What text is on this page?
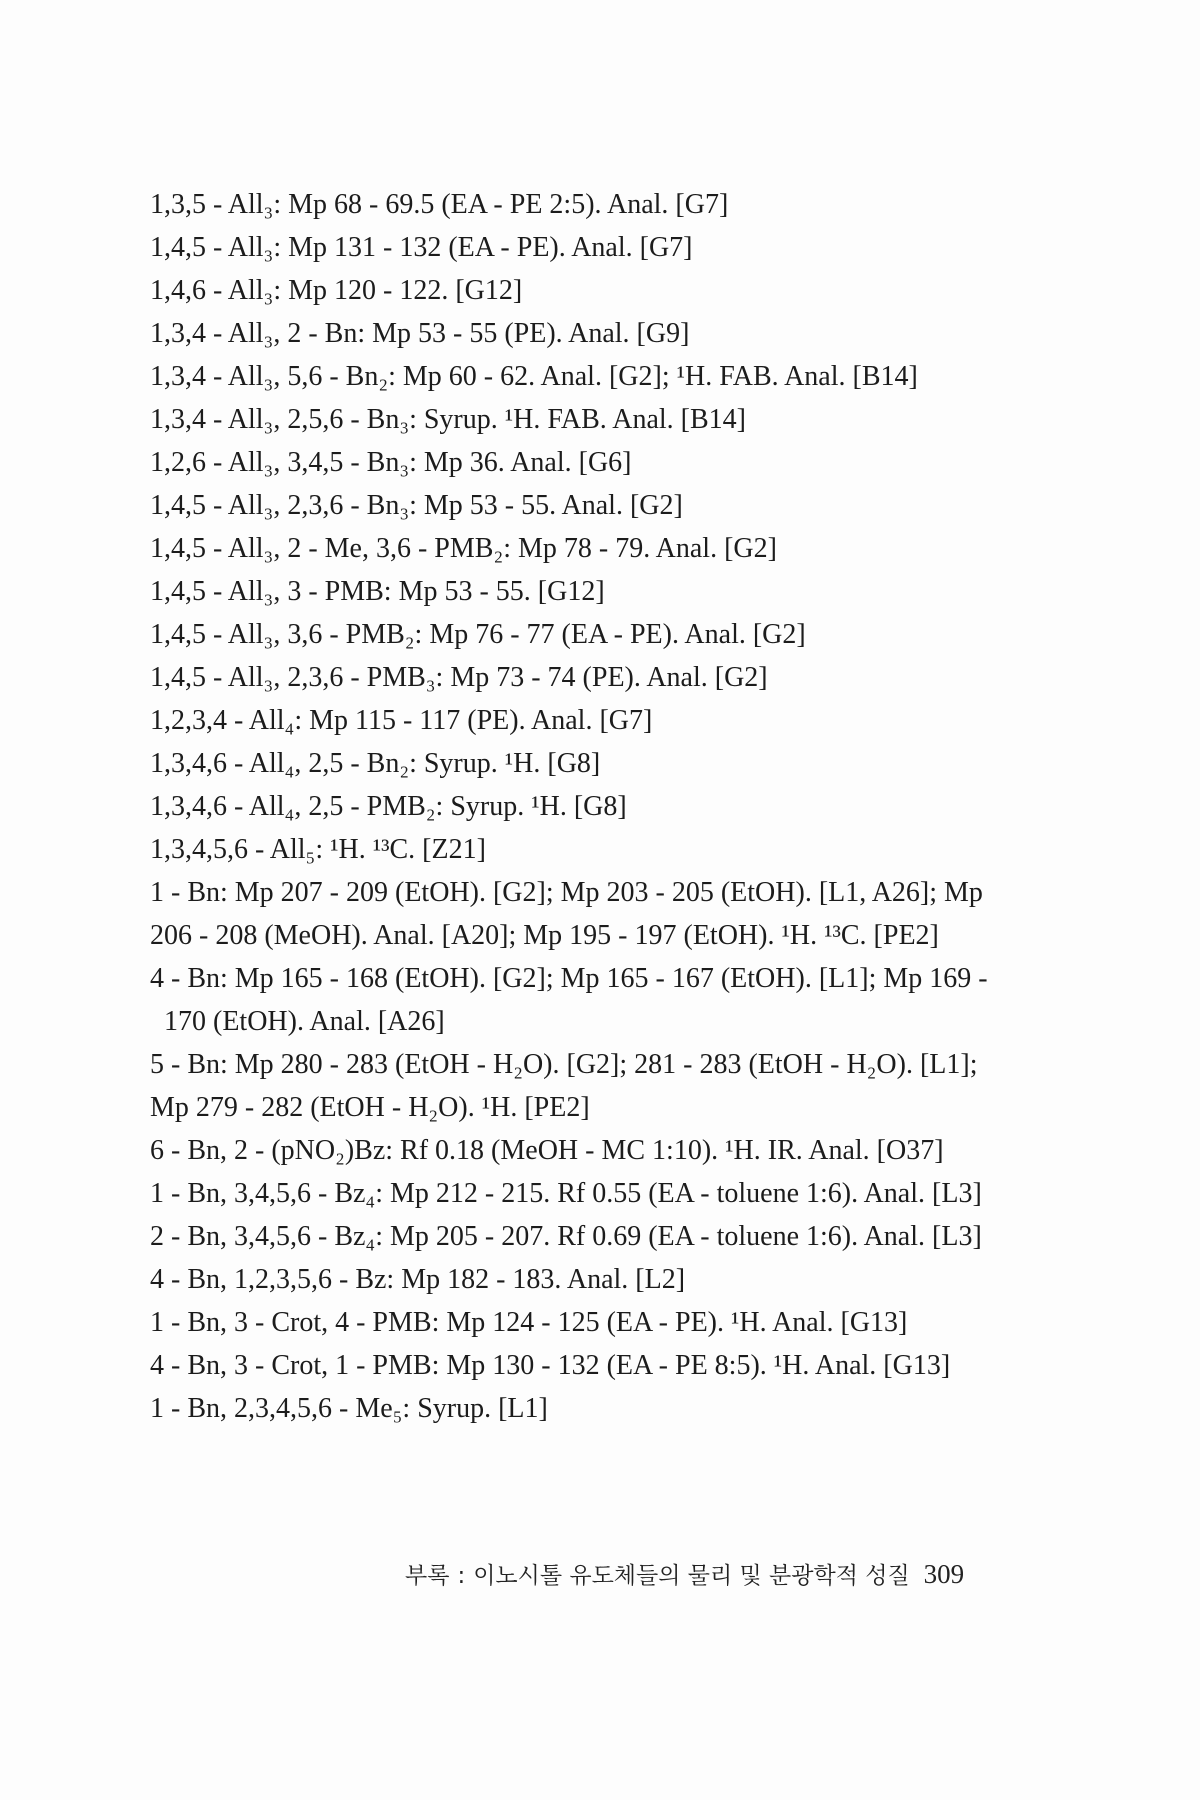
1,3,5 - All₃: Mp 68 - 69.5 (EA - PE 2:5). Anal. [G7]
1,4,5 - All₃: Mp 131 - 132 (EA - PE). Anal. [G7]
1,4,6 - All₃: Mp 120 - 122. [G12]
1,3,4 - All₃, 2 - Bn: Mp 53 - 55 (PE). Anal. [G9]
1,3,4 - All₃, 5,6 - Bn₂: Mp 60 - 62. Anal. [G2]; ¹H. FAB. Anal. [B14]
1,3,4 - All₃, 2,5,6 - Bn₃: Syrup. ¹H. FAB. Anal. [B14]
1,2,6 - All₃, 3,4,5 - Bn₃: Mp 36. Anal. [G6]
1,4,5 - All₃, 2,3,6 - Bn₃: Mp 53 - 55. Anal. [G2]
1,4,5 - All₃, 2 - Me, 3,6 - PMB₂: Mp 78 - 79. Anal. [G2]
1,4,5 - All₃, 3 - PMB: Mp 53 - 55. [G12]
1,4,5 - All₃, 3,6 - PMB₂: Mp 76 - 77 (EA - PE). Anal. [G2]
1,4,5 - All₃, 2,3,6 - PMB₃: Mp 73 - 74 (PE). Anal. [G2]
1,2,3,4 - All₄: Mp 115 - 117 (PE). Anal. [G7]
1,3,4,6 - All₄, 2,5 - Bn₂: Syrup. ¹H. [G8]
1,3,4,6 - All₄, 2,5 - PMB₂: Syrup. ¹H. [G8]
1,3,4,5,6 - All₅: ¹H. ¹³C. [Z21]
1 - Bn: Mp 207 - 209 (EtOH). [G2]; Mp 203 - 205 (EtOH). [L1, A26]; Mp
206 - 208 (MeOH). Anal. [A20]; Mp 195 - 197 (EtOH). ¹H. ¹³C. [PE2]
4 - Bn: Mp 165 - 168 (EtOH). [G2]; Mp 165 - 167 (EtOH). [L1]; Mp 169 -
170 (EtOH). Anal. [A26]
5 - Bn: Mp 280 - 283 (EtOH - H₂O). [G2]; 281 - 283 (EtOH - H₂O). [L1];
Mp 279 - 282 (EtOH - H₂O). ¹H. [PE2]
6 - Bn, 2 - (pNO₂)Bz: Rf 0.18 (MeOH - MC 1:10). ¹H. IR. Anal. [O37]
1 - Bn, 3,4,5,6 - Bz₄: Mp 212 - 215. Rf 0.55 (EA - toluene 1:6). Anal. [L3]
2 - Bn, 3,4,5,6 - Bz₄: Mp 205 - 207. Rf 0.69 (EA - toluene 1:6). Anal. [L3]
4 - Bn, 1,2,3,5,6 - Bz: Mp 182 - 183. Anal. [L2]
1 - Bn, 3 - Crot, 4 - PMB: Mp 124 - 125 (EA - PE). ¹H. Anal. [G13]
4 - Bn, 3 - Crot, 1 - PMB: Mp 130 - 132 (EA - PE 8:5). ¹H. Anal. [G13]
1 - Bn, 2,3,4,5,6 - Me₅: Syrup. [L1]
부록 : 이노시톨 유도체들의 물리 및 분광학적 성질 309
